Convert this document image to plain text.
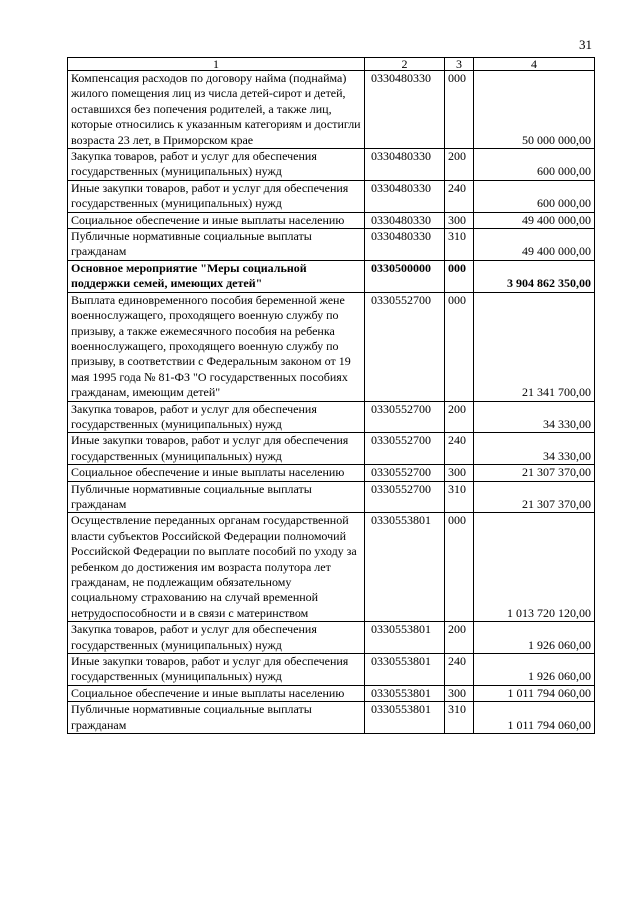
31
1	2	3	4
Компенсация расходов по договору найма (поднайма) жилого помещения лиц из числа детей-сирот и детей, оставшихся без попечения родителей, а также лиц, которые относились к указанным категориям и достигли возраста 23 лет, в Приморском крае	0330480330	000	50 000 000,00
Закупка товаров, работ и услуг для обеспечения государственных (муниципальных) нужд	0330480330	200	600 000,00
Иные закупки товаров, работ и услуг для обеспечения государственных (муниципальных) нужд	0330480330	240	600 000,00
Социальное обеспечение и иные выплаты населению	0330480330	300	49 400 000,00
Публичные нормативные социальные выплаты гражданам	0330480330	310	49 400 000,00
Основное мероприятие "Меры социальной поддержки семей, имеющих детей"	0330500000	000	3 904 862 350,00
Выплата единовременного пособия беременной жене военнослужащего, проходящего военную службу по призыву, а также ежемесячного пособия на ребенка военнослужащего, проходящего военную службу по призыву, в соответствии с Федеральным законом от 19 мая 1995 года № 81-ФЗ "О государственных пособиях гражданам, имеющим детей"	0330552700	000	21 341 700,00
Закупка товаров, работ и услуг для обеспечения государственных (муниципальных) нужд	0330552700	200	34 330,00
Иные закупки товаров, работ и услуг для обеспечения государственных (муниципальных) нужд	0330552700	240	34 330,00
Социальное обеспечение и иные выплаты населению	0330552700	300	21 307 370,00
Публичные нормативные социальные выплаты гражданам	0330552700	310	21 307 370,00
Осуществление переданных органам государственной власти субъектов Российской Федерации полномочий Российской Федерации по выплате пособий по уходу за ребенком до достижения им возраста полутора лет гражданам, не подлежащим обязательному социальному страхованию на случай временной нетрудоспособности и в связи с материнством	0330553801	000	1 013 720 120,00
Закупка товаров, работ и услуг для обеспечения государственных (муниципальных) нужд	0330553801	200	1 926 060,00
Иные закупки товаров, работ и услуг для обеспечения государственных (муниципальных) нужд	0330553801	240	1 926 060,00
Социальное обеспечение и иные выплаты населению	0330553801	300	1 011 794 060,00
Публичные нормативные социальные выплаты гражданам	0330553801	310	1 011 794 060,00
